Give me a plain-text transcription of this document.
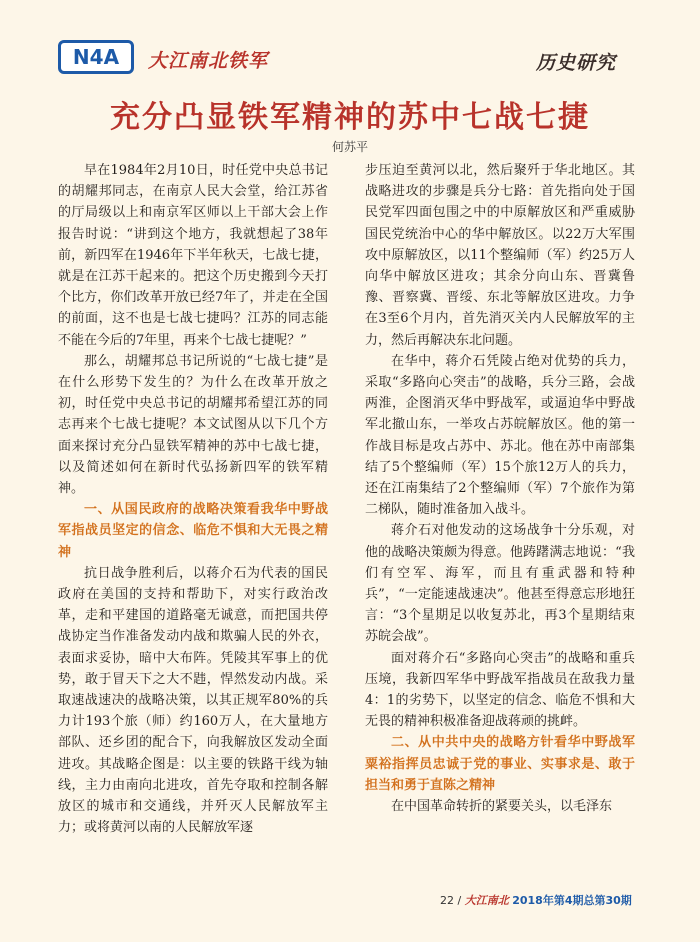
N4A 大江南北铁军	历史研究
充分凸显铁军精神的苏中七战七捷
何苏平

早在1984年2月10日，时任党中央总书记的胡耀邦同志，在南京人民大会堂，给江苏省的厅局级以上和南京军区师以上干部大会上作报告时说：“讲到这个地方，我就想起了38年前，新四军在1946年下半年秋天，七战七捷，就是在江苏干起来的。把这个历史搬到今天打个比方，你们改革开放已经7年了，并走在全国的前面，这不也是七战七捷吗？江苏的同志能不能在今后的7年里，再来个七战七捷呢？”

那么，胡耀邦总书记所说的“七战七捷”是在什么形势下发生的？为什么在改革开放之初，时任党中央总书记的胡耀邦希望江苏的同志再来个七战七捷呢？本文试图从以下几个方面来探讨充分凸显铁军精神的苏中七战七捷，以及简述如何在新时代弘扬新四军的铁军精神。

一、从国民政府的战略决策看我华中野战军指战员坚定的信念、临危不惧和大无畏之精神

抗日战争胜利后，以蒋介石为代表的国民政府在美国的支持和帮助下，对实行政治改革，走和平建国的道路毫无诚意，而把国共停战协定当作准备发动内战和欺骗人民的外衣，表面求妥协，暗中大布阵。凭陵其军事上的优势，敢于冒天下之大不韪，悍然发动内战。采取速战速决的战略决策，以其正规军80%的兵力计193个旅（师）约160万人，在大量地方部队、还乡团的配合下，向我解放区发动全面进攻。其战略企图是：以主要的铁路干线为轴线，主力由南向北进攻，首先夺取和控制各解放区的城市和交通线，并歼灭人民解放军主力；或将黄河以南的人民解放军逐

步压迫至黄河以北，然后聚歼于华北地区。其战略进攻的步骤是兵分七路：首先指向处于国民党军四面包围之中的中原解放区和严重威胁国民党统治中心的华中解放区。以22万大军围攻中原解放区，以11个整编师（军）约25万人向华中解放区进攻；其余分向山东、晋冀鲁豫、晋察冀、晋绥、东北等解放区进攻。力争在3至6个月内，首先消灭关内人民解放军的主力，然后再解决东北问题。

在华中，蒋介石凭陵占绝对优势的兵力，采取“多路向心突击”的战略，兵分三路，会战两淮，企图消灭华中野战军，或逼迫华中野战军北撤山东，一举攻占苏皖解放区。他的第一作战目标是攻占苏中、苏北。他在苏中南部集结了5个整编师（军）15个旅12万人的兵力，还在江南集结了2个整编师（军）7个旅作为第二梯队，随时准备加入战斗。

蒋介石对他发动的这场战争十分乐观，对他的战略决策颇为得意。他踌躇满志地说：“我们有空军、海军，而且有重武器和特种兵”，“一定能速战速决”。他甚至得意忘形地狂言：“3个星期足以收复苏北，再3个星期结束苏皖会战”。

面对蒋介石“多路向心突击”的战略和重兵压境，我新四军华中野战军指战员在敌我力量4：1的劣势下，以坚定的信念、临危不惧和大无畏的精神积极准备迎战蒋顽的挑衅。

二、从中共中央的战略方针看华中野战军粟裕指挥员忠诚于党的事业、实事求是、敢于担当和勇于直陈之精神

在中国革命转折的紧要关头，以毛泽东

22 / 大江南北 2018年第4期总第30期
